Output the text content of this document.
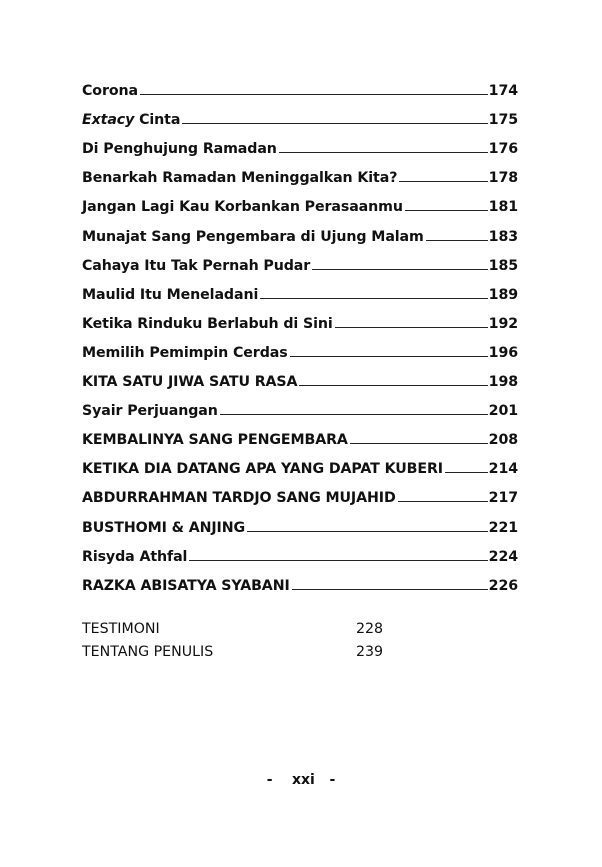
Corona	174
Extacy Cinta	175
Di Penghujung Ramadan	176
Benarkah Ramadan Meninggalkan Kita?	178
Jangan Lagi Kau Korbankan Perasaanmu	181
Munajat Sang Pengembara di Ujung Malam	183
Cahaya Itu Tak Pernah Pudar	185
Maulid Itu Meneladani	189
Ketika Rinduku Berlabuh di Sini	192
Memilih Pemimpin Cerdas	196
KITA SATU JIWA SATU RASA	198
Syair Perjuangan	201
KEMBALINYA SANG PENGEMBARA	208
KETIKA DIA DATANG APA YANG DAPAT KUBERI	214
ABDURRAHMAN TARDJO SANG MUJAHID	217
BUSTHOMI & ANJING	221
Risyda Athfal	224
RAZKA ABISATYA SYABANI	226
TESTIMONI	228
TENTANG PENULIS	239
-    xxi   -
